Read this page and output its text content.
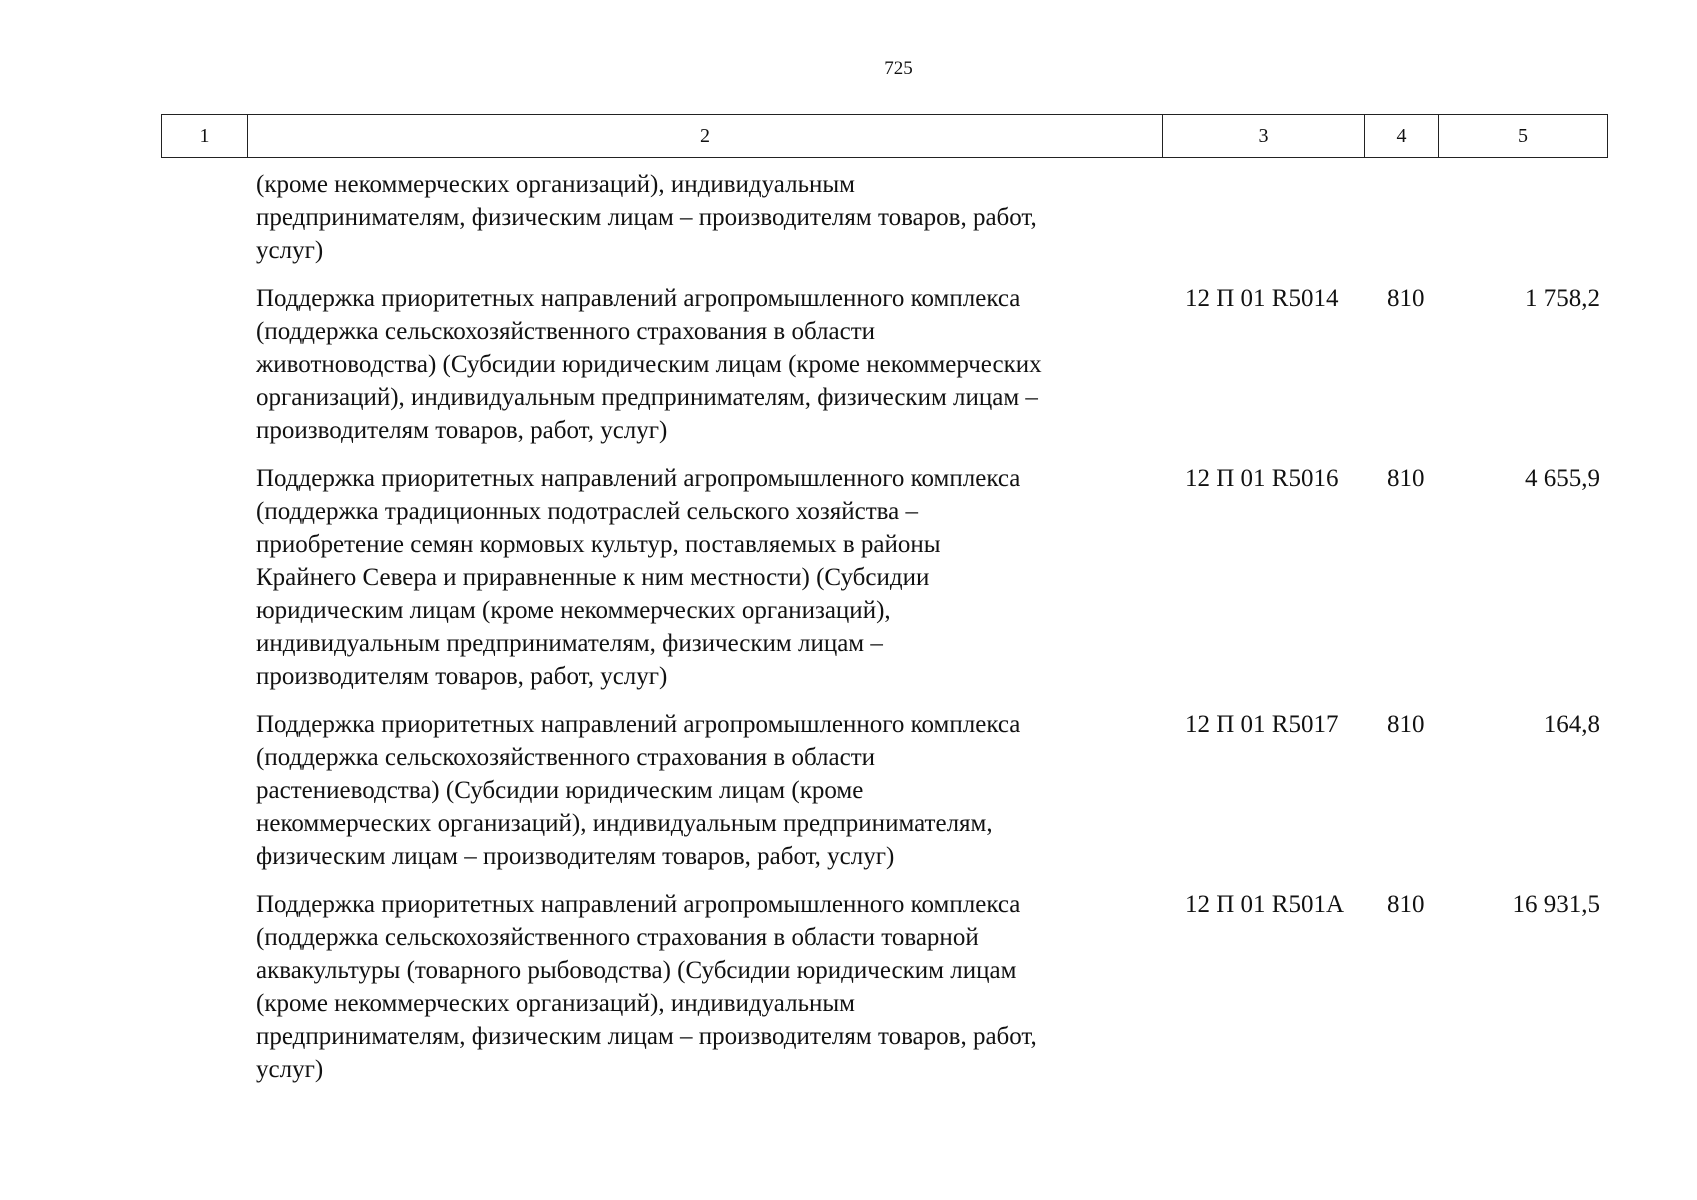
725
1	2	3	4	5
(кроме некоммерческих организаций), индивидуальным
предпринимателям, физическим лицам – производителям товаров, работ,
услуг)
Поддержка приоритетных направлений агропромышленного комплекса
(поддержка сельскохозяйственного страхования в области
животноводства) (Субсидии юридическим лицам (кроме некоммерческих
организаций), индивидуальным предпринимателям, физическим лицам –
производителям товаров, работ, услуг)
12 П 01 R5014	810	1 758,2
Поддержка приоритетных направлений агропромышленного комплекса
(поддержка традиционных подотраслей сельского хозяйства –
приобретение семян кормовых культур, поставляемых в районы
Крайнего Севера и приравненные к ним местности) (Субсидии
юридическим лицам (кроме некоммерческих организаций),
индивидуальным предпринимателям, физическим лицам –
производителям товаров, работ, услуг)
12 П 01 R5016	810	4 655,9
Поддержка приоритетных направлений агропромышленного комплекса
(поддержка сельскохозяйственного страхования в области
растениеводства) (Субсидии юридическим лицам (кроме
некоммерческих организаций), индивидуальным предпринимателям,
физическим лицам – производителям товаров, работ, услуг)
12 П 01 R5017	810	164,8
Поддержка приоритетных направлений агропромышленного комплекса
(поддержка сельскохозяйственного страхования в области товарной
аквакультуры (товарного рыбоводства) (Субсидии юридическим лицам
(кроме некоммерческих организаций), индивидуальным
предпринимателям, физическим лицам – производителям товаров, работ,
услуг)
12 П 01 R501А	810	16 931,5
